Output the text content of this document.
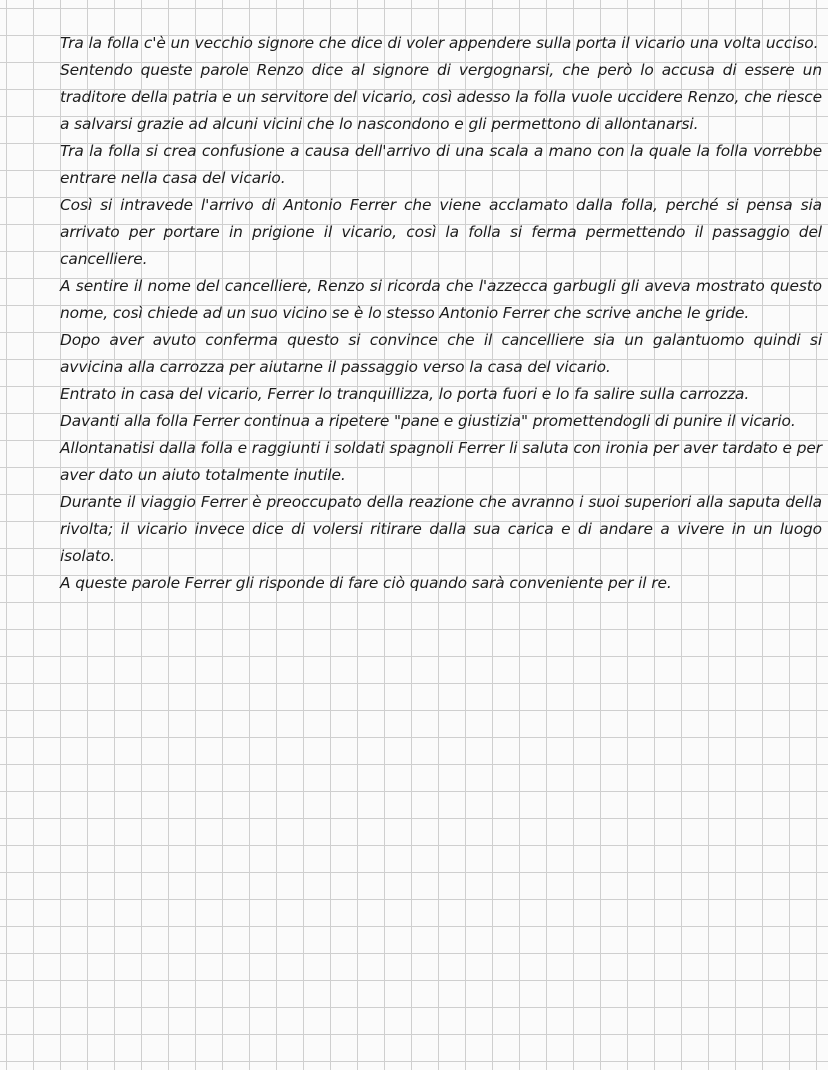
Tra la folla c'è un vecchio signore che dice di voler appendere sulla porta il vicario una volta ucciso.

Sentendo queste parole Renzo dice al signore di vergognarsi, che però lo accusa di essere un traditore della patria e un servitore del vicario, così adesso la folla vuole uccidere Renzo, che riesce a salvarsi grazie ad alcuni vicini che lo nascondono e gli permettono di allontanarsi.

Tra la folla si crea confusione a causa dell'arrivo di una scala a mano con la quale la folla vorrebbe entrare nella casa del vicario.

Così si intravede l'arrivo di Antonio Ferrer che viene acclamato dalla folla, perché si pensa sia arrivato per portare in prigione il vicario, così la folla si ferma permettendo il passaggio del cancelliere.

A sentire il nome del cancelliere, Renzo si ricorda che l'azzecca garbugli gli aveva mostrato questo nome, così chiede ad un suo vicino se è lo stesso Antonio Ferrer che scrive anche le gride.

Dopo aver avuto conferma questo si convince che il cancelliere sia un galantuomo quindi si avvicina alla carrozza per aiutarne il passaggio verso la casa del vicario.

Entrato in casa del vicario, Ferrer lo tranquillizza, lo porta fuori e lo fa salire sulla carrozza.

Davanti alla folla Ferrer continua a ripetere "pane e giustizia" promettendogli di punire il vicario.

Allontanatisi dalla folla e raggiunti i soldati spagnoli Ferrer li saluta con ironia per aver tardato e per aver dato un aiuto totalmente inutile.

Durante il viaggio Ferrer è preoccupato della reazione che avranno i suoi superiori alla saputa della rivolta; il vicario invece dice di volersi ritirare dalla sua carica e di andare a vivere in un luogo isolato.

A queste parole Ferrer gli risponde di fare ciò quando sarà conveniente per il re.
